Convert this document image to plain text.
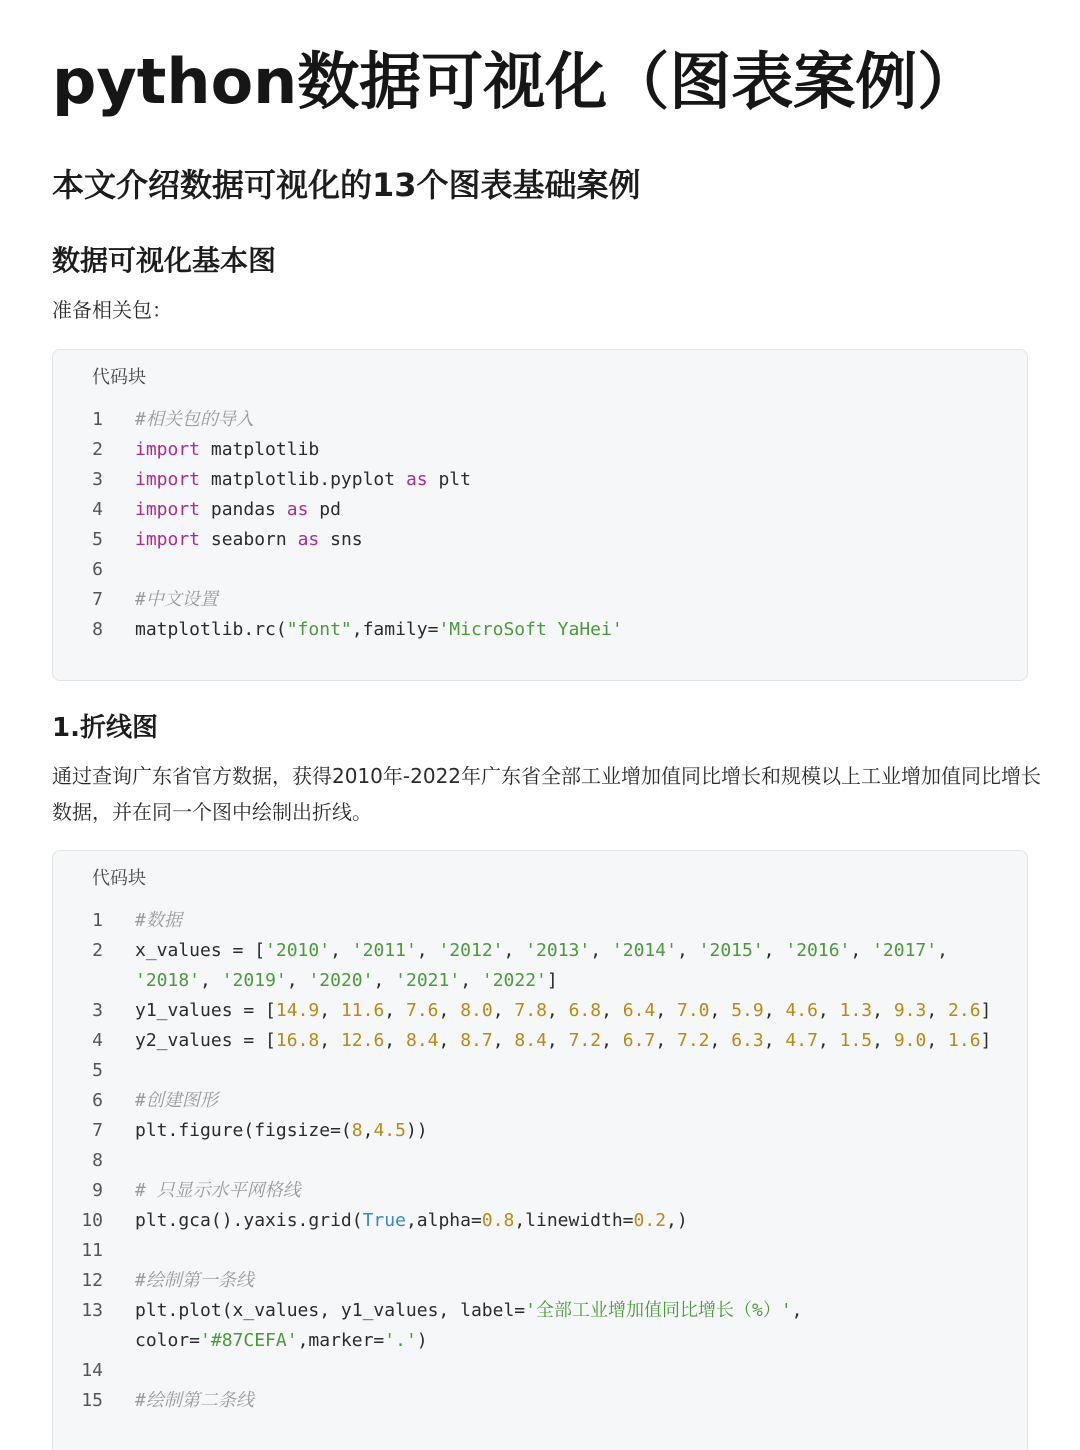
python数据可视化（图表案例）
本文介绍数据可视化的13个图表基础案例
数据可视化基本图
准备相关包：
代码块
1 #相关包的导入
2 import matplotlib
3 import matplotlib.pyplot as plt
4 import pandas as pd
5 import seaborn as sns
6
7 #中文设置
8 matplotlib.rc("font",family='MicroSoft YaHei'
1.折线图
通过查询广东省官方数据，获得2010年-2022年广东省全部工业增加值同比增长和规模以上工业增加值同比增长数据，并在同一个图中绘制出折线。
代码块
1 #数据
2 x_values = ['2010', '2011', '2012', '2013', '2014', '2015', '2016', '2017',
'2018', '2019', '2020', '2021', '2022']
3 y1_values = [14.9, 11.6, 7.6, 8.0, 7.8, 6.8, 6.4, 7.0, 5.9, 4.6, 1.3, 9.3, 2.6]
4 y2_values = [16.8, 12.6, 8.4, 8.7, 8.4, 7.2, 6.7, 7.2, 6.3, 4.7, 1.5, 9.0, 1.6]
5
6 #创建图形
7 plt.figure(figsize=(8,4.5))
8
9 # 只显示水平网格线
10 plt.gca().yaxis.grid(True,alpha=0.8,linewidth=0.2,)
11
12 #绘制第一条线
13 plt.plot(x_values, y1_values, label='全部工业增加值同比增长（%）',
color='#87CEFA',marker='.')
14
15 #绘制第二条线
